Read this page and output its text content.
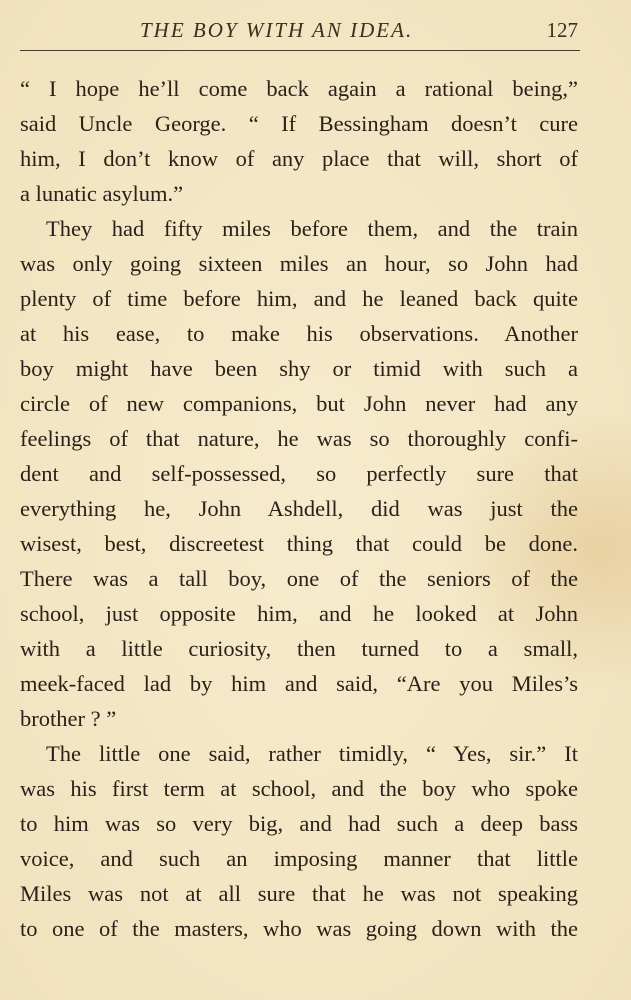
THE BOY WITH AN IDEA.	127
“ I hope he’ll come back again a rational being,”
said Uncle George. “ If Bessingham doesn’t cure
him, I don’t know of any place that will, short of
a lunatic asylum.”
They had fifty miles before them, and the train
was only going sixteen miles an hour, so John had
plenty of time before him, and he leaned back quite
at his ease, to make his observations. Another
boy might have been shy or timid with such a
circle of new companions, but John never had any
feelings of that nature, he was so thoroughly confi-
dent and self-possessed, so perfectly sure that
everything he, John Ashdell, did was just the
wisest, best, discreetest thing that could be done.
There was a tall boy, one of the seniors of the
school, just opposite him, and he looked at John
with a little curiosity, then turned to a small,
meek-faced lad by him and said, “Are you Miles’s
brother ? ”
The little one said, rather timidly, “ Yes, sir.” It
was his first term at school, and the boy who spoke
to him was so very big, and had such a deep bass
voice, and such an imposing manner that little
Miles was not at all sure that he was not speaking
to one of the masters, who was going down with the
